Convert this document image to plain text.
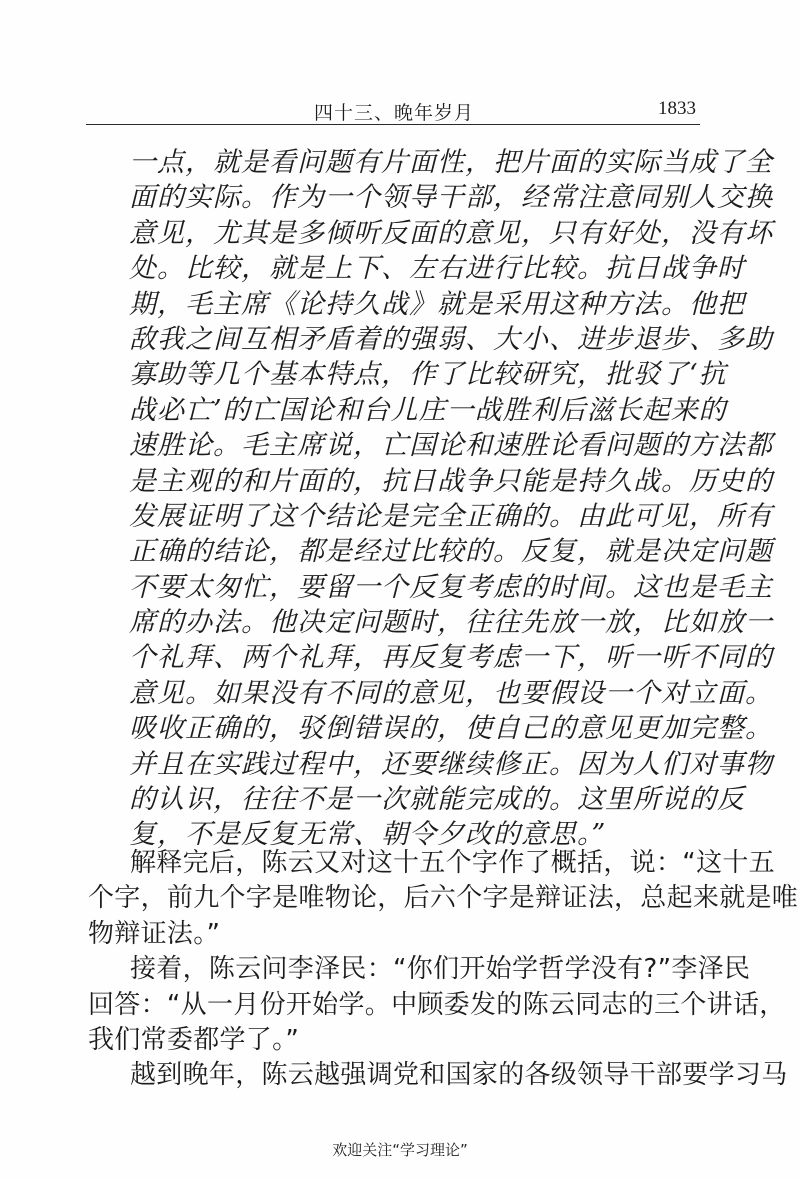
四十三、晚年岁月	1833
一点，就是看问题有片面性，把片面的实际当成了全
面的实际。作为一个领导干部，经常注意同别人交换
意见，尤其是多倾听反面的意见，只有好处，没有坏
处。比较，就是上下、左右进行比较。抗日战争时
期，毛主席《论持久战》就是采用这种方法。他把
敌我之间互相矛盾着的强弱、大小、进步退步、多助
寡助等几个基本特点，作了比较研究，批驳了‘抗
战必亡’的亡国论和台儿庄一战胜利后滋长起来的
速胜论。毛主席说，亡国论和速胜论看问题的方法都
是主观的和片面的，抗日战争只能是持久战。历史的
发展证明了这个结论是完全正确的。由此可见，所有
正确的结论，都是经过比较的。反复，就是决定问题
不要太匆忙，要留一个反复考虑的时间。这也是毛主
席的办法。他决定问题时，往往先放一放，比如放一
个礼拜、两个礼拜，再反复考虑一下，听一听不同的
意见。如果没有不同的意见，也要假设一个对立面。
吸收正确的，驳倒错误的，使自己的意见更加完整。
并且在实践过程中，还要继续修正。因为人们对事物
的认识，往往不是一次就能完成的。这里所说的反
复，不是反复无常、朝令夕改的意思。”
解释完后，陈云又对这十五个字作了概括，说：“这十五
个字，前九个字是唯物论，后六个字是辩证法，总起来就是唯
物辩证法。”
接着，陈云问李泽民：“你们开始学哲学没有?”李泽民
回答：“从一月份开始学。中顾委发的陈云同志的三个讲话，
我们常委都学了。”
越到晚年，陈云越强调党和国家的各级领导干部要学习马
欢迎关注“学习理论”
